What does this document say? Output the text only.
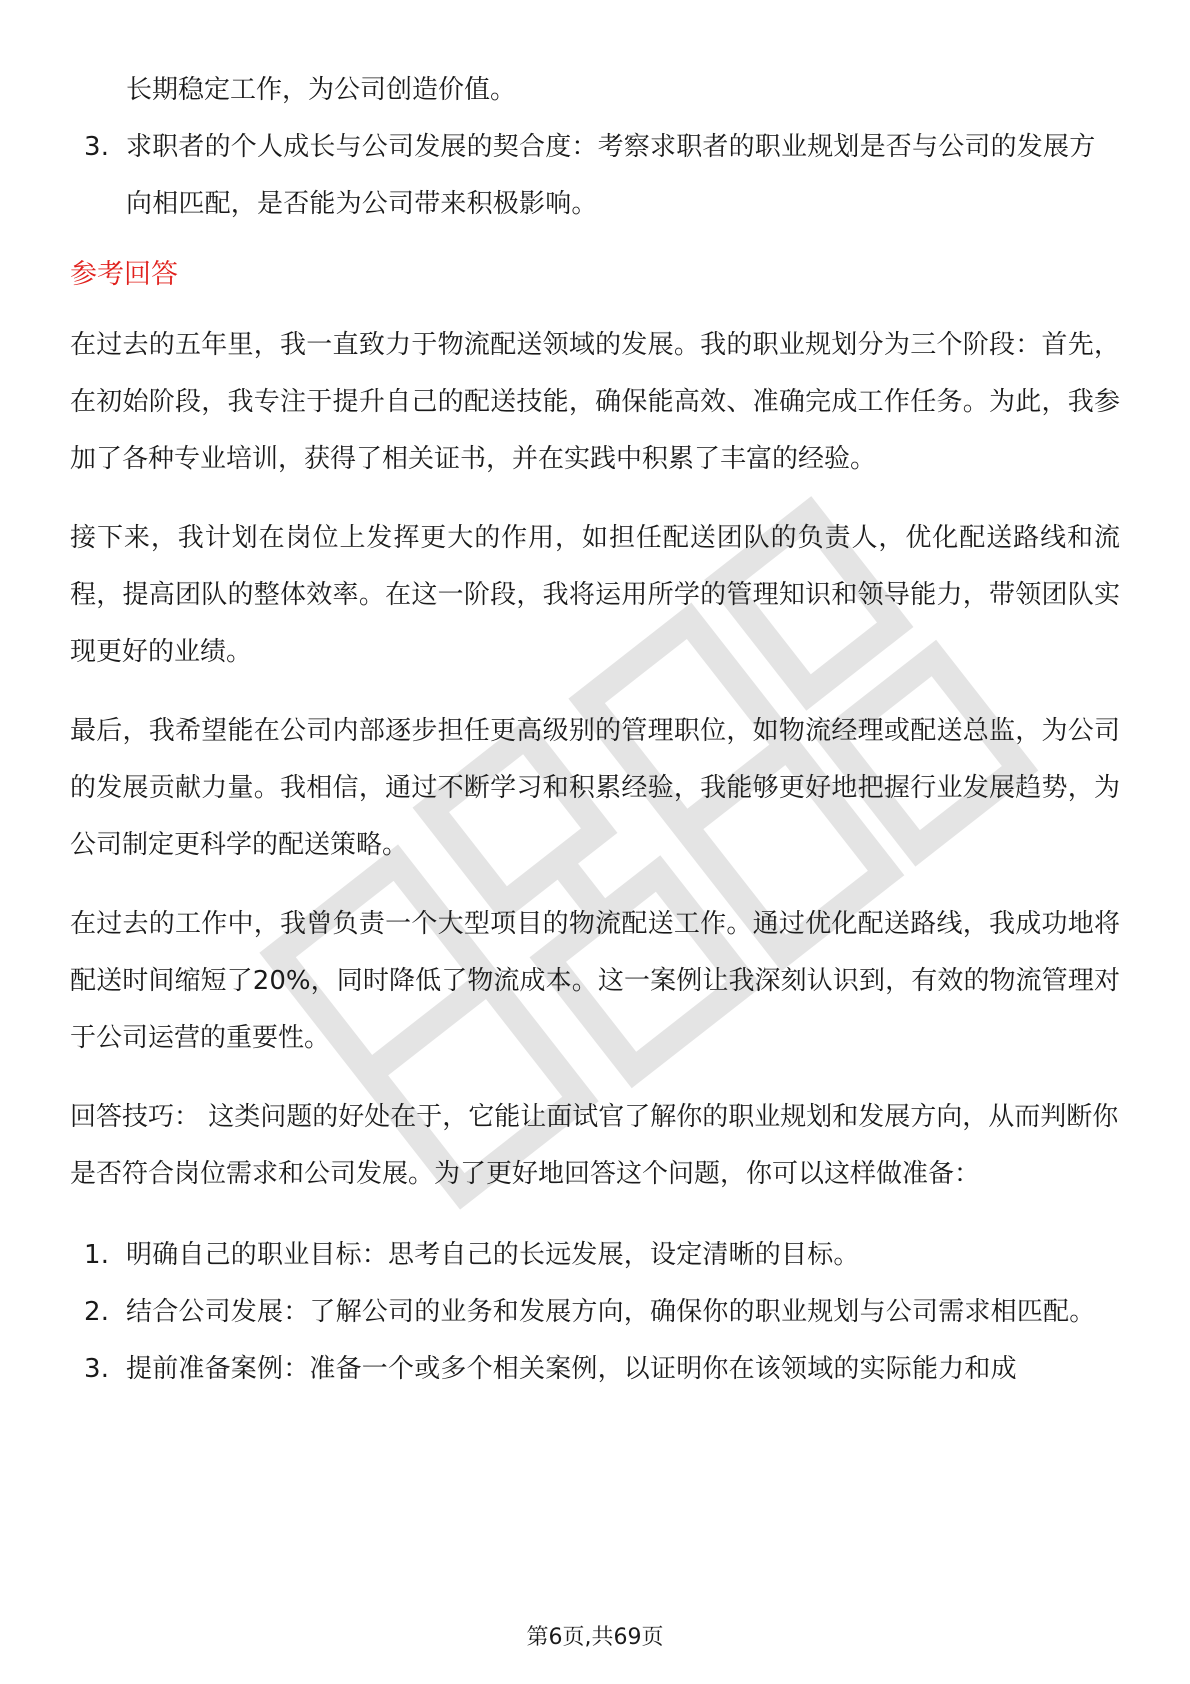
长期稳定工作，为公司创造价值。
3. 求职者的个人成长与公司发展的契合度：考察求职者的职业规划是否与公司的发展方向相匹配，是否能为公司带来积极影响。
参考回答

在过去的五年里，我一直致力于物流配送领域的发展。我的职业规划分为三个阶段：首先，在初始阶段，我专注于提升自己的配送技能，确保能高效、准确完成工作任务。为此，我参加了各种专业培训，获得了相关证书，并在实践中积累了丰富的经验。

接下来，我计划在岗位上发挥更大的作用，如担任配送团队的负责人，优化配送路线和流程，提高团队的整体效率。在这一阶段，我将运用所学的管理知识和领导能力，带领团队实现更好的业绩。

最后，我希望能在公司内部逐步担任更高级别的管理职位，如物流经理或配送总监，为公司的发展贡献力量。我相信，通过不断学习和积累经验，我能够更好地把握行业发展趋势，为公司制定更科学的配送策略。

在过去的工作中，我曾负责一个大型项目的物流配送工作。通过优化配送路线，我成功地将配送时间缩短了20%，同时降低了物流成本。这一案例让我深刻认识到，有效的物流管理对于公司运营的重要性。

回答技巧： 这类问题的好处在于，它能让面试官了解你的职业规划和发展方向，从而判断你是否符合岗位需求和公司发展。为了更好地回答这个问题，你可以这样做准备：

1. 明确自己的职业目标：思考自己的长远发展，设定清晰的目标。
2. 结合公司发展：了解公司的业务和发展方向，确保你的职业规划与公司需求相匹配。
3. 提前准备案例：准备一个或多个相关案例，以证明你在该领域的实际能力和成
第6页,共69页
